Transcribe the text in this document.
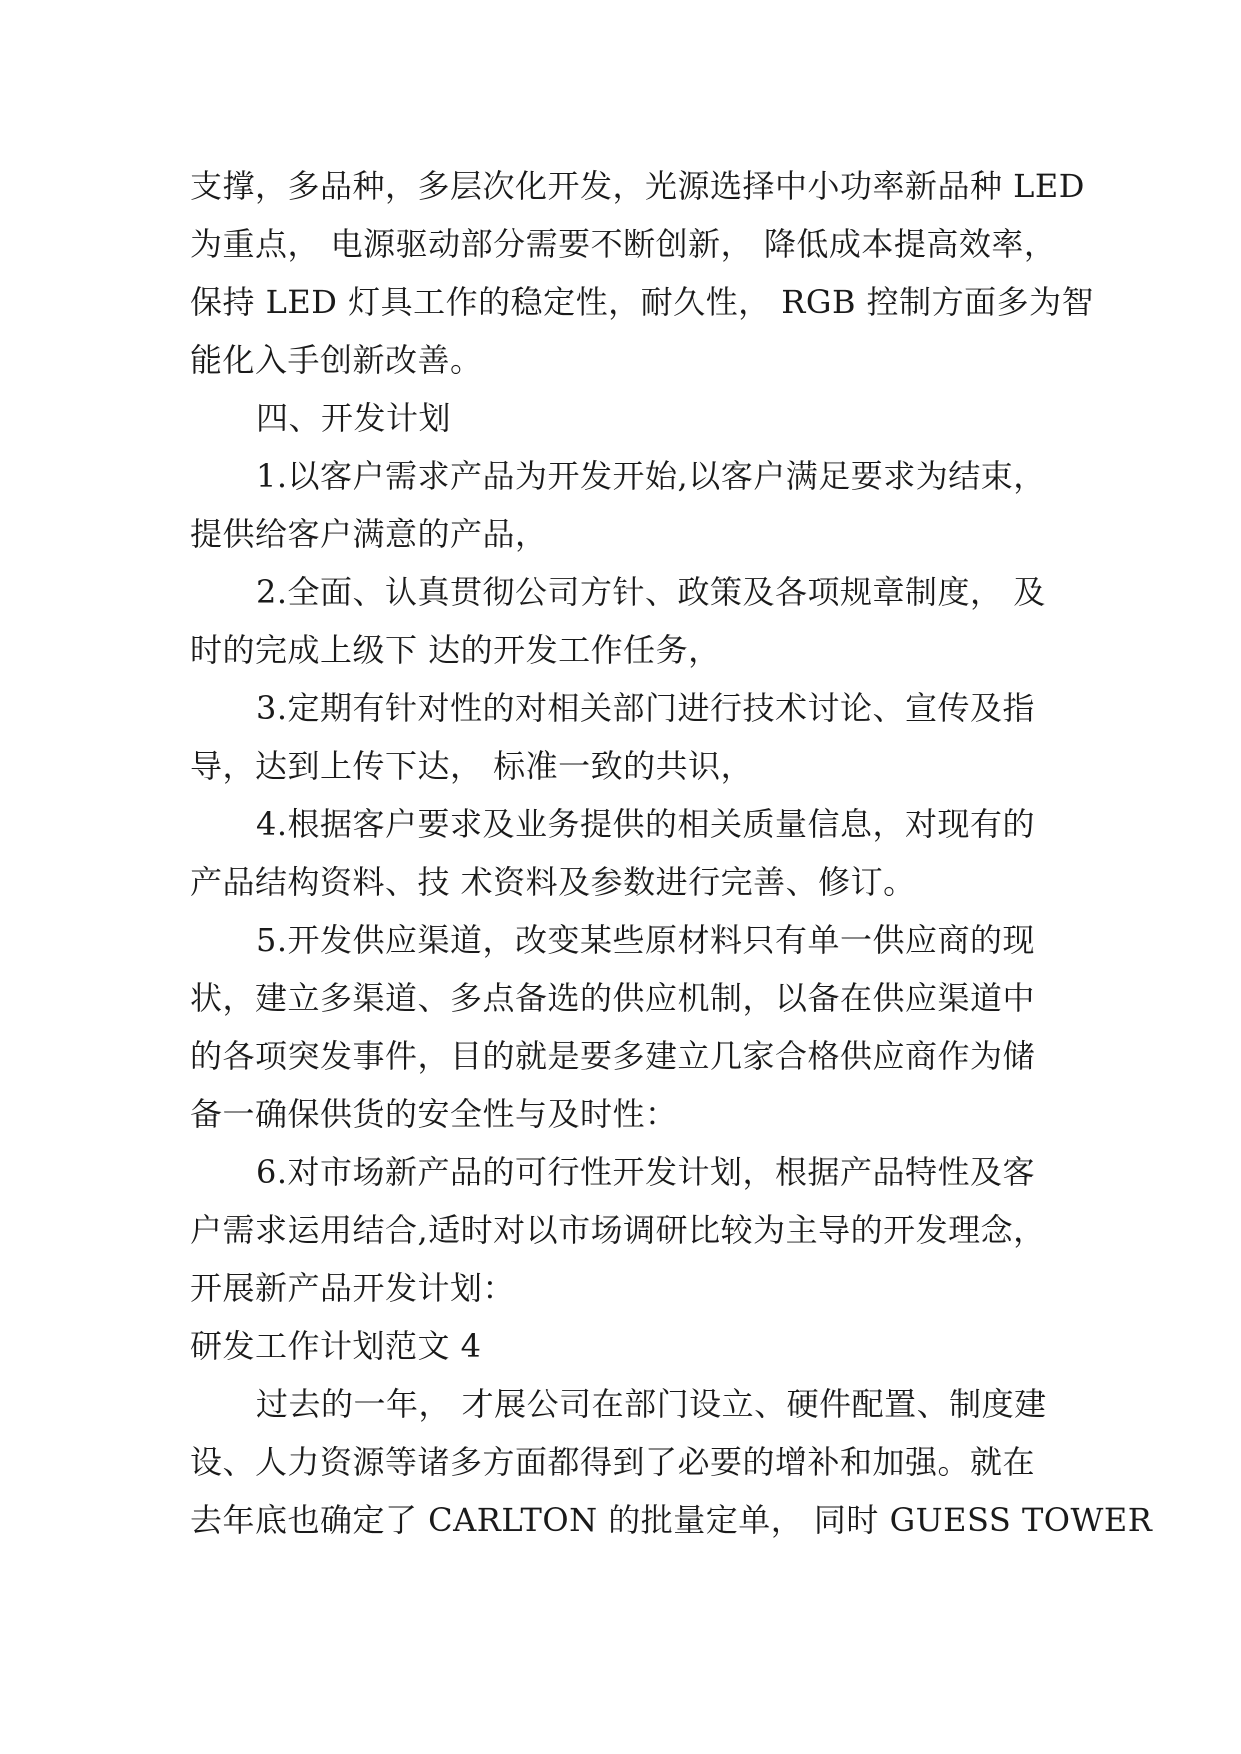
支撑，多品种，多层次化开发，光源选择中小功率新品种 LED
为重点， 电源驱动部分需要不断创新， 降低成本提高效率，
保持 LED 灯具工作的稳定性，耐久性， RGB 控制方面多为智
能化入手创新改善。
四、开发计划
1.以客户需求产品为开发开始,以客户满足要求为结束，
提供给客户满意的产品，
2.全面、认真贯彻公司方针、政策及各项规章制度， 及
时的完成上级下 达的开发工作任务，
3.定期有针对性的对相关部门进行技术讨论、宣传及指
导，达到上传下达， 标准一致的共识，
4.根据客户要求及业务提供的相关质量信息，对现有的
产品结构资料、技 术资料及参数进行完善、修订。
5.开发供应渠道，改变某些原材料只有单一供应商的现
状，建立多渠道、多点备选的供应机制，以备在供应渠道中
的各项突发事件，目的就是要多建立几家合格供应商作为储
备一确保供货的安全性与及时性：
6.对市场新产品的可行性开发计划，根据产品特性及客
户需求运用结合,适时对以市场调研比较为主导的开发理念，
开展新产品开发计划：
研发工作计划范文 4
过去的一年， 才展公司在部门设立、硬件配置、制度建
设、人力资源等诸多方面都得到了必要的增补和加强。就在
去年底也确定了 CARLTON 的批量定单， 同时 GUESS TOWER
